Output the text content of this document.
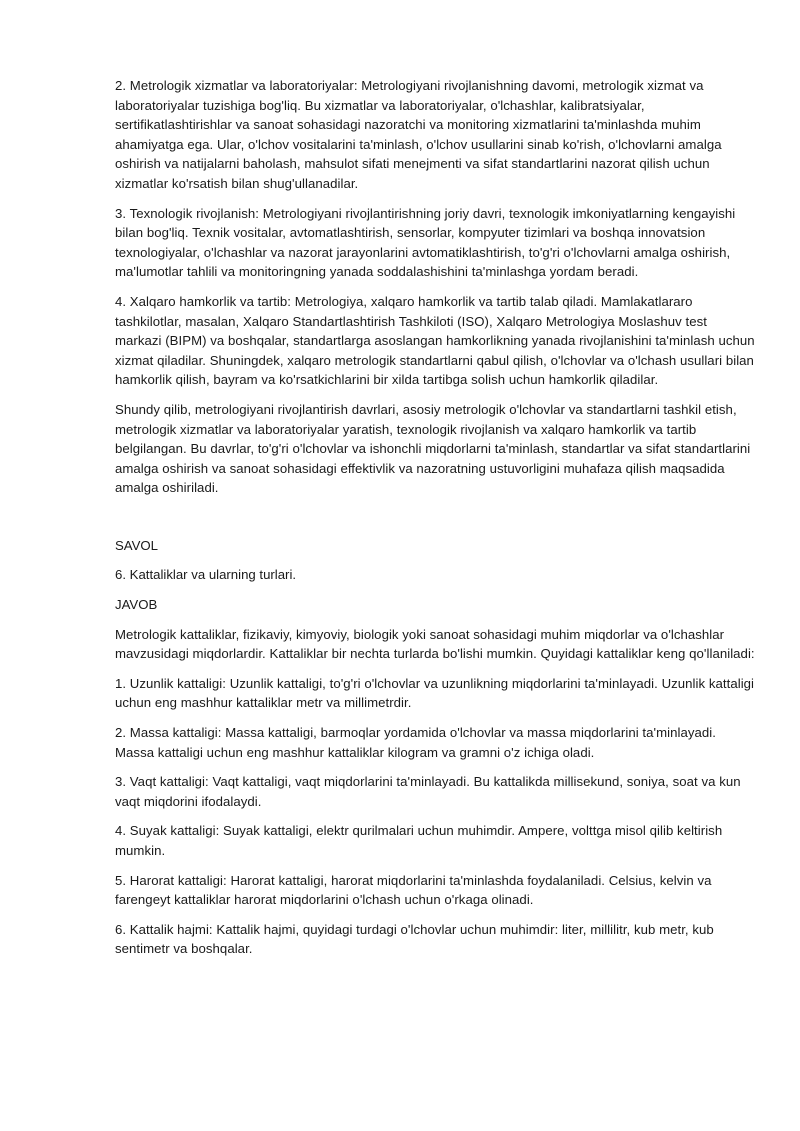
2. Metrologik xizmatlar va laboratoriyalar: Metrologiyani rivojlanishning davomi, metrologik xizmat va laboratoriyalar tuzishiga bog'liq. Bu xizmatlar va laboratoriyalar, o'lchashlar, kalibratsiyalar, sertifikatlashtirishlar va sanoat sohasidagi nazoratchi va monitoring xizmatlarini ta'minlashda muhim ahamiyatga ega. Ular, o'lchov vositalarini ta'minlash, o'lchov usullarini sinab ko'rish, o'lchovlarni amalga oshirish va natijalarni baholash, mahsulot sifati menejmenti va sifat standartlarini nazorat qilish uchun xizmatlar ko'rsatish bilan shug'ullanadilar.

3. Texnologik rivojlanish: Metrologiyani rivojlantirishning joriy davri, texnologik imkoniyatlarning kengayishi bilan bog'liq. Texnik vositalar, avtomatlashtirish, sensorlar, kompyuter tizimlari va boshqa innovatsion texnologiyalar, o'lchashlar va nazorat jarayonlarini avtomatiklashtirish, to'g'ri o'lchovlarni amalga oshirish, ma'lumotlar tahlili va monitoringning yanada soddalashishini ta'minlashga yordam beradi.

4. Xalqaro hamkorlik va tartib: Metrologiya, xalqaro hamkorlik va tartib talab qiladi. Mamlakatlararo tashkilotlar, masalan, Xalqaro Standartlashtirish Tashkiloti (ISO), Xalqaro Metrologiya Moslashuv test markazi (BIPM) va boshqalar, standartlarga asoslangan hamkorlikning yanada rivojlanishini ta'minlash uchun xizmat qiladilar. Shuningdek, xalqaro metrologik standartlarni qabul qilish, o'lchovlar va o'lchash usullari bilan hamkorlik qilish, bayram va ko'rsatkichlarini bir xilda tartibga solish uchun hamkorlik qiladilar.

Shundy qilib, metrologiyani rivojlantirish davrlari, asosiy metrologik o'lchovlar va standartlarni tashkil etish, metrologik xizmatlar va laboratoriyalar yaratish, texnologik rivojlanish va xalqaro hamkorlik va tartib belgilangan. Bu davrlar, to'g'ri o'lchovlar va ishonchli miqdorlarni ta'minlash, standartlar va sifat standartlarini amalga oshirish va sanoat sohasidagi effektivlik va nazoratning ustuvorligini muhafaza qilish maqsadida amalga oshiriladi.

SAVOL

6. Kattaliklar va ularning turlari.

JAVOB

Metrologik kattaliklar, fizikaviy, kimyoviy, biologik yoki sanoat sohasidagi muhim miqdorlar va o'lchashlar mavzusidagi miqdorlardir. Kattaliklar bir nechta turlarda bo'lishi mumkin. Quyidagi kattaliklar keng qo'llaniladi:

1. Uzunlik kattaligi: Uzunlik kattaligi, to'g'ri o'lchovlar va uzunlikning miqdorlarini ta'minlayadi. Uzunlik kattaligi uchun eng mashhur kattaliklar metr va millimetrdir.

2. Massa kattaligi: Massa kattaligi, barmoqlar yordamida o'lchovlar va massa miqdorlarini ta'minlayadi. Massa kattaligi uchun eng mashhur kattaliklar kilogram va gramni o'z ichiga oladi.

3. Vaqt kattaligi: Vaqt kattaligi, vaqt miqdorlarini ta'minlayadi. Bu kattalikda millisekund, soniya, soat va kun vaqt miqdorini ifodalaydi.

4. Suyak kattaligi: Suyak kattaligi, elektr qurilmalari uchun muhimdir. Ampere, volttga misol qilib keltirish mumkin.

5. Harorat kattaligi: Harorat kattaligi, harorat miqdorlarini ta'minlashda foydalaniladi. Celsius, kelvin va farengeyt kattaliklar harorat miqdorlarini o'lchash uchun o'rkaga olinadi.

6. Kattalik hajmi: Kattalik hajmi, quyidagi turdagi o'lchovlar uchun muhimdir: liter, millilitr, kub metr, kub sentimetr va boshqalar.
